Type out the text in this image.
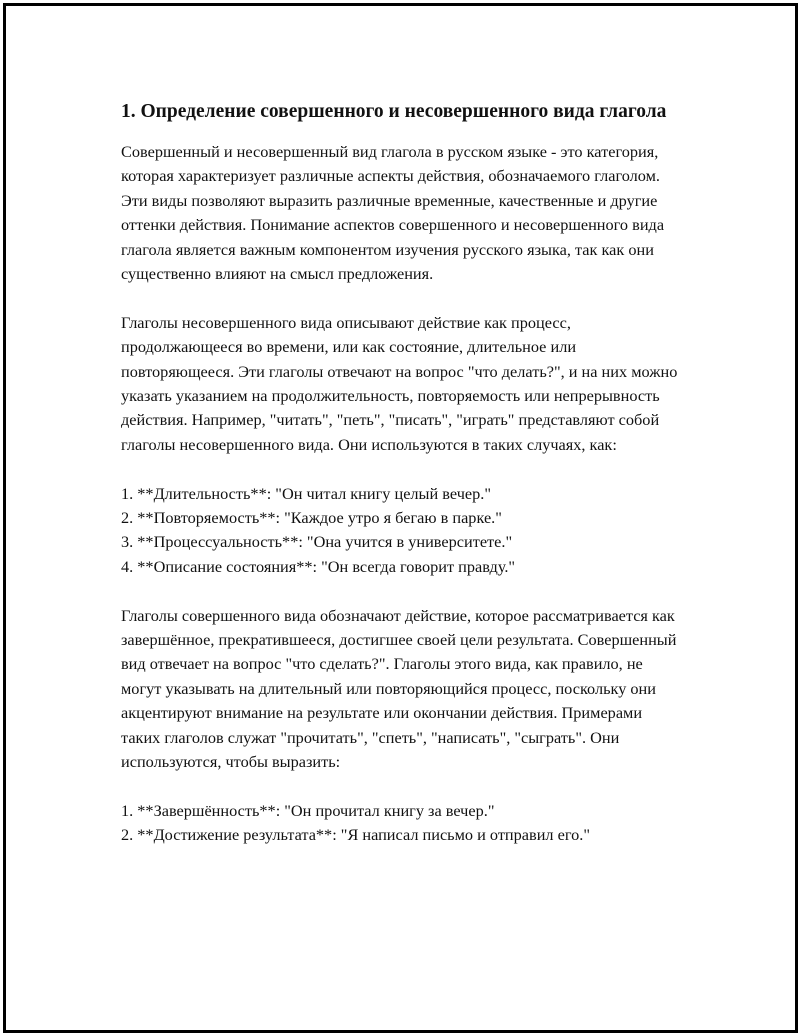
1. Определение совершенного и несовершенного вида глагола

Совершенный и несовершенный вид глагола в русском языке - это категория, которая характеризует различные аспекты действия, обозначаемого глаголом. Эти виды позволяют выразить различные временные, качественные и другие оттенки действия. Понимание аспектов совершенного и несовершенного вида глагола является важным компонентом изучения русского языка, так как они существенно влияют на смысл предложения.

Глаголы несовершенного вида описывают действие как процесс, продолжающееся во времени, или как состояние, длительное или повторяющееся. Эти глаголы отвечают на вопрос "что делать?", и на них можно указать указанием на продолжительность, повторяемость или непрерывность действия. Например, "читать", "петь", "писать", "играть" представляют собой глаголы несовершенного вида. Они используются в таких случаях, как:

1. **Длительность**: "Он читал книгу целый вечер."
2. **Повторяемость**: "Каждое утро я бегаю в парке."
3. **Процессуальность**: "Она учится в университете."
4. **Описание состояния**: "Он всегда говорит правду."

Глаголы совершенного вида обозначают действие, которое рассматривается как завершённое, прекратившееся, достигшее своей цели результата. Совершенный вид отвечает на вопрос "что сделать?". Глаголы этого вида, как правило, не могут указывать на длительный или повторяющийся процесс, поскольку они акцентируют внимание на результате или окончании действия. Примерами таких глаголов служат "прочитать", "спеть", "написать", "сыграть". Они используются, чтобы выразить:

1. **Завершённость**: "Он прочитал книгу за вечер."
2. **Достижение результата**: "Я написал письмо и отправил его."
